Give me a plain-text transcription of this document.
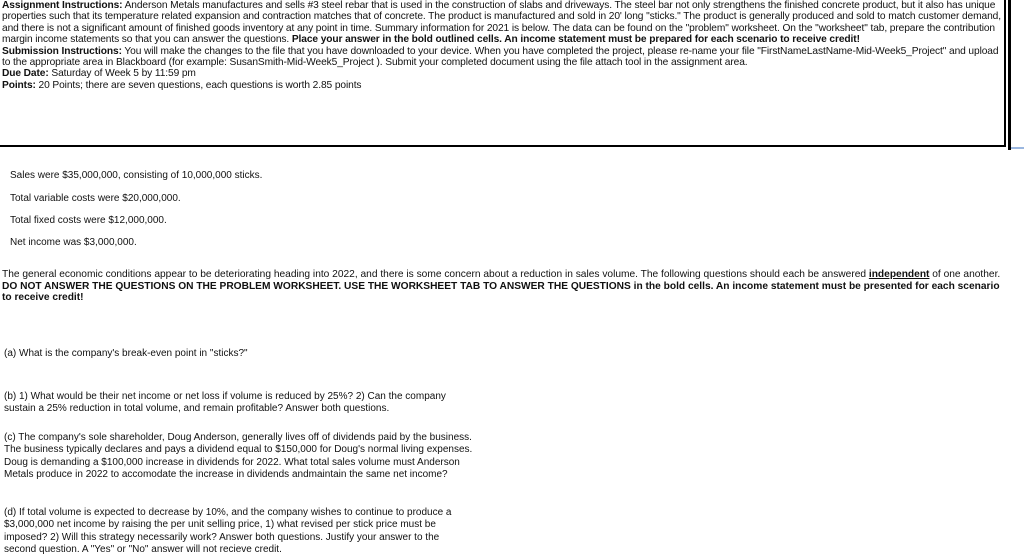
Assignment Instructions: Anderson Metals manufactures and sells #3 steel rebar that is used in the construction of slabs and driveways. The steel bar not only strengthens the finished concrete product, but it also has unique properties such that its temperature related expansion and contraction matches that of concrete. The product is manufactured and sold in 20' long "sticks." The product is generally produced and sold to match customer demand, and there is not a significant amount of finished goods inventory at any point in time. Summary information for 2021 is below. The data can be found on the "problem" worksheet. On the "worksheet" tab, prepare the contribution margin income statements so that you can answer the questions. Place your answer in the bold outlined cells. An income statement must be prepared for each scenario to receive credit!Submission Instructions: You will make the changes to the file that you have downloaded to your device. When you have completed the project, please re-name your file "FirstNameLastName-Mid-Week5_Project" and upload to the appropriate area in Blackboard (for example: SusanSmith-Mid-Week5_Project ). Submit your completed document using the file attach tool in the assignment area.
Due Date: Saturday of Week 5 by 11:59 pm
Points: 20 Points; there are seven questions, each questions is worth 2.85 points
Sales were $35,000,000, consisting of 10,000,000 sticks.
Total variable costs were $20,000,000.
Total fixed costs were $12,000,000.
Net income was $3,000,000.
The general economic conditions appear to be deteriorating heading into 2022, and there is some concern about a reduction in sales volume. The following questions should each be answered independent of one another. DO NOT ANSWER THE QUESTIONS ON THE PROBLEM WORKSHEET. USE THE WORKSHEET TAB TO ANSWER THE QUESTIONS in the bold cells. An income statement must be presented for each scenario to receive credit!
(a) What is the company's break-even point in "sticks?"
(b) 1) What would be their net income or net loss if volume is reduced by 25%? 2) Can the company
sustain a 25% reduction in total volume, and remain profitable? Answer both questions.
(c) The company's sole shareholder, Doug Anderson, generally lives off of dividends paid by the business.
The business typically declares and pays a dividend equal to $150,000 for Doug's normal living expenses.
Doug is demanding a $100,000 increase in dividends for 2022. What total sales volume must Anderson
Metals produce in 2022 to accomodate the increase in dividends andmaintain the same net income?
(d) If total volume is expected to decrease by 10%, and the company wishes to continue to produce a
$3,000,000 net income by raising the per unit selling price, 1) what revised per stick price must be
imposed? 2) Will this strategy necessarily work? Answer both questions. Justify your answer to the
second question. A "Yes" or "No" answer will not recieve credit.
